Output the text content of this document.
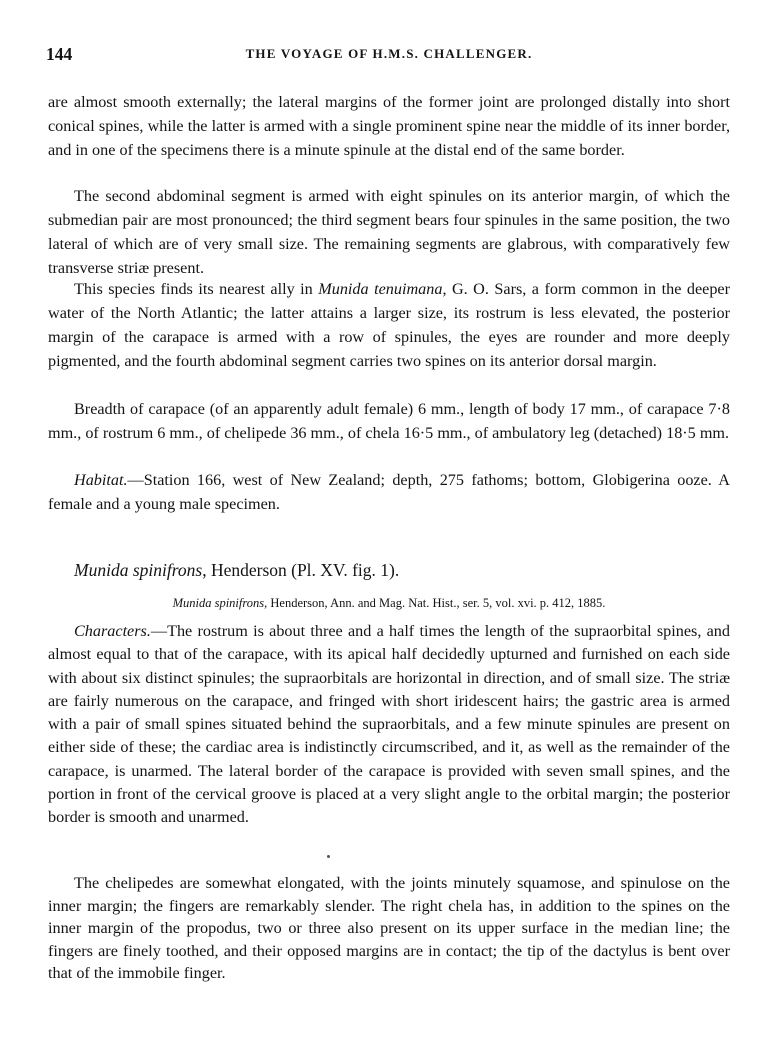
144	THE VOYAGE OF H.M.S. CHALLENGER.

are almost smooth externally; the lateral margins of the former joint are prolonged distally into short conical spines, while the latter is armed with a single prominent spine near the middle of its inner border, and in one of the specimens there is a minute spinule at the distal end of the same border.

The second abdominal segment is armed with eight spinules on its anterior margin, of which the submedian pair are most pronounced; the third segment bears four spinules in the same position, the two lateral of which are of very small size. The remaining segments are glabrous, with comparatively few transverse striæ present.

This species finds its nearest ally in Munida tenuimana, G. O. Sars, a form common in the deeper water of the North Atlantic; the latter attains a larger size, its rostrum is less elevated, the posterior margin of the carapace is armed with a row of spinules, the eyes are rounder and more deeply pigmented, and the fourth abdominal segment carries two spines on its anterior dorsal margin.

Breadth of carapace (of an apparently adult female) 6 mm., length of body 17 mm., of carapace 7·8 mm., of rostrum 6 mm., of chelipede 36 mm., of chela 16·5 mm., of ambulatory leg (detached) 18·5 mm.

Habitat.—Station 166, west of New Zealand; depth, 275 fathoms; bottom, Globigerina ooze. A female and a young male specimen.

Munida spinifrons, Henderson (Pl. XV. fig. 1).

Munida spinifrons, Henderson, Ann. and Mag. Nat. Hist., ser. 5, vol. xvi. p. 412, 1885.

Characters.—The rostrum is about three and a half times the length of the supraorbital spines, and almost equal to that of the carapace, with its apical half decidedly upturned and furnished on each side with about six distinct spinules; the supraorbitals are horizontal in direction, and of small size. The striæ are fairly numerous on the carapace, and fringed with short iridescent hairs; the gastric area is armed with a pair of small spines situated behind the supraorbitals, and a few minute spinules are present on either side of these; the cardiac area is indistinctly circumscribed, and it, as well as the remainder of the carapace, is unarmed. The lateral border of the carapace is provided with seven small spines, and the portion in front of the cervical groove is placed at a very slight angle to the orbital margin; the posterior border is smooth and unarmed.

The chelipedes are somewhat elongated, with the joints minutely squamose, and spinulose on the inner margin; the fingers are remarkably slender. The right chela has, in addition to the spines on the inner margin of the propodus, two or three also present on its upper surface in the median line; the fingers are finely toothed, and their opposed margins are in contact; the tip of the dactylus is bent over that of the immobile finger.
